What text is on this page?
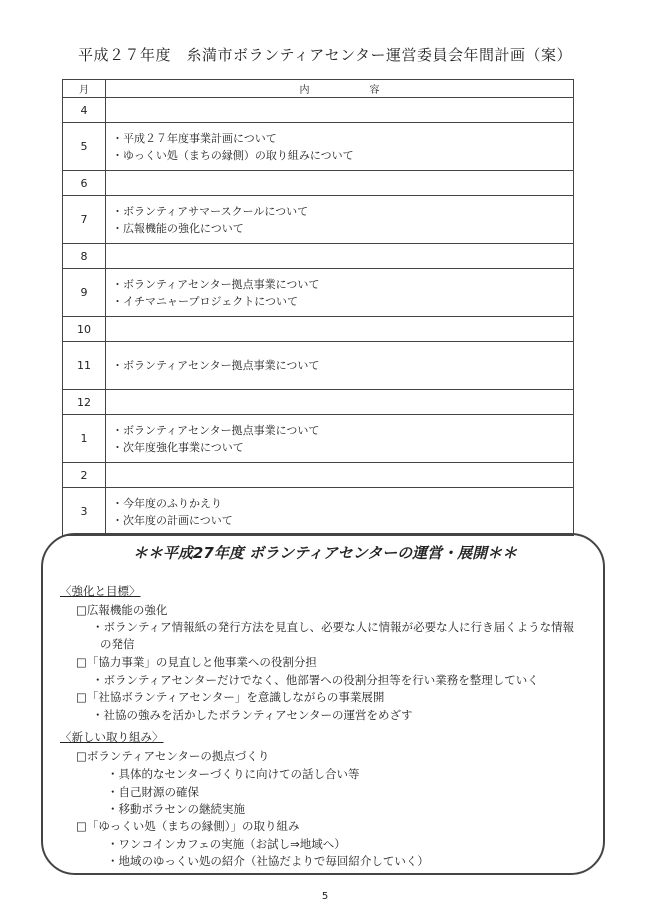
平成２７年度　糸満市ボランティアセンター運営委員会年間計画（案）
月	内容
4	
5	・平成２７年度事業計画について
・ゆっくい処（まちの縁側）の取り組みについて

6	
7	・ボランティアサマースクールについて
・広報機能の強化について

8	
9	・ボランティアセンター拠点事業について
・イチマニャープロジェクトについて

10	
11	・ボランティアセンター拠点事業について

12	
1	・ボランティアセンター拠点事業について
・次年度強化事業について

2	
3	・今年度のふりかえり
・次年度の計画について
＊＊平成27年度 ボランティアセンターの運営・展開＊＊
〈強化と目標〉
□広報機能の強化
・ボランティア情報紙の発行方法を見直し、必要な人に情報が必要な人に行き届くような情報
の発信
□「協力事業」の見直しと他事業への役割分担
・ボランティアセンターだけでなく、他部署への役割分担等を行い業務を整理していく
□「社協ボランティアセンター」を意識しながらの事業展開
・社協の強みを活かしたボランティアセンターの運営をめざす
〈新しい取り組み〉
□ボランティアセンターの拠点づくり
・具体的なセンターづくりに向けての話し合い等
・自己財源の確保
・移動ボラセンの継続実施
□「ゆっくい処（まちの縁側）」の取り組み
・ワンコインカフェの実施（お試し⇒地域へ）
・地域のゆっくい処の紹介（社協だよりで毎回紹介していく）
5
